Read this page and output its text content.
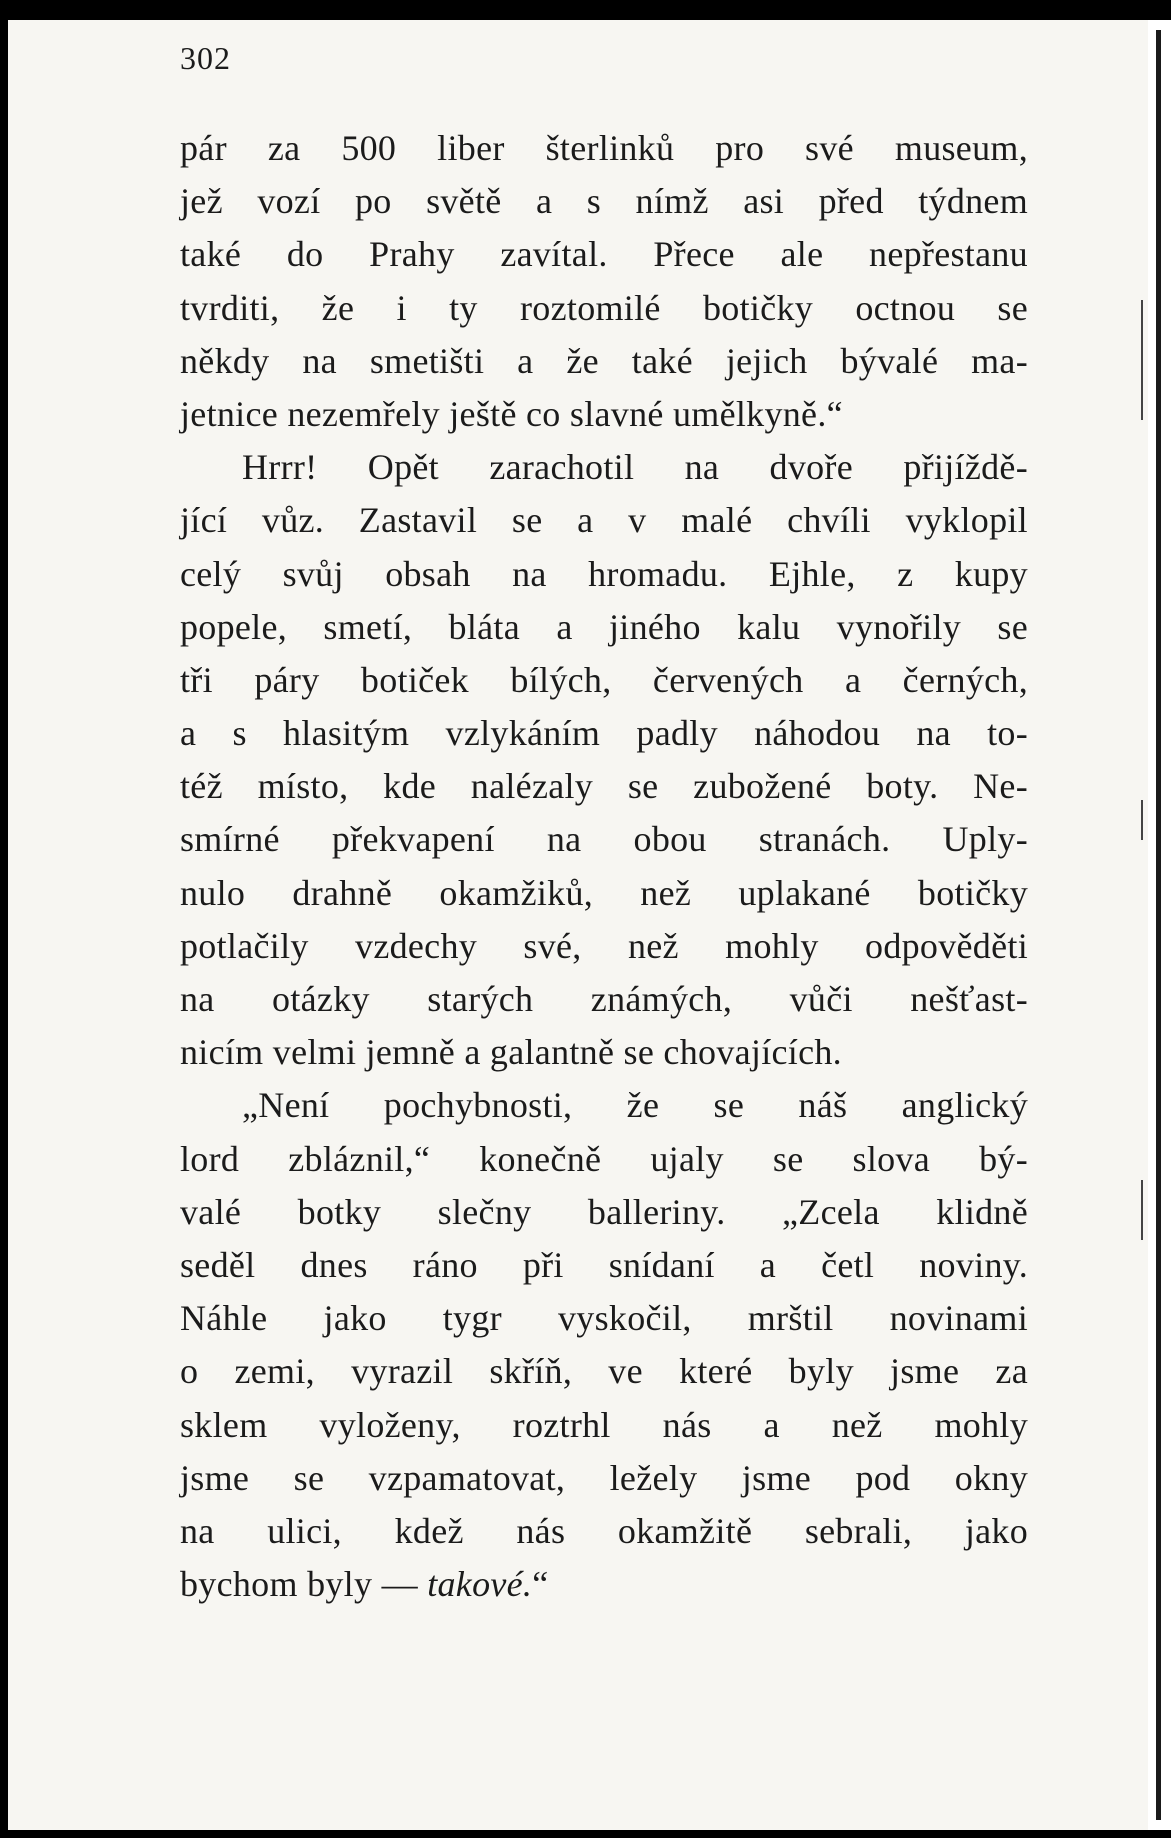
302
pár za 500 liber šterlinků pro své museum,
jež vozí po světě a s nímž asi před týdnem
také do Prahy zavítal. Přece ale nepřestanu
tvrditi, že i ty roztomilé botičky octnou se
někdy na smetišti a že také jejich bývalé ma-
jetnice nezemřely ještě co slavné umělkyně.“
Hrrr! Opět zarachotil na dvoře přijíždě-
jící vůz. Zastavil se a v malé chvíli vyklopil
celý svůj obsah na hromadu. Ejhle, z kupy
popele, smetí, bláta a jiného kalu vynořily se
tři páry botiček bílých, červených a černých,
a s hlasitým vzlykáním padly náhodou na to-
též místo, kde nalézaly se zubožené boty. Ne-
smírné překvapení na obou stranách. Uply-
nulo drahně okamžiků, než uplakané botičky
potlačily vzdechy své, než mohly odpověděti
na otázky starých známých, vůči nešťast-
nicím velmi jemně a galantně se chovajících.
„Není pochybnosti, že se náš anglický
lord zbláznil,“ konečně ujaly se slova bý-
valé botky slečny balleriny. „Zcela klidně
seděl dnes ráno při snídaní a četl noviny.
Náhle jako tygr vyskočil, mrštil novinami
o zemi, vyrazil skříň, ve které byly jsme za
sklem vyloženy, roztrhl nás a než mohly
jsme se vzpamatovat, ležely jsme pod okny
na ulici, kdež nás okamžitě sebrali, jako
bychom byly — takové.“
